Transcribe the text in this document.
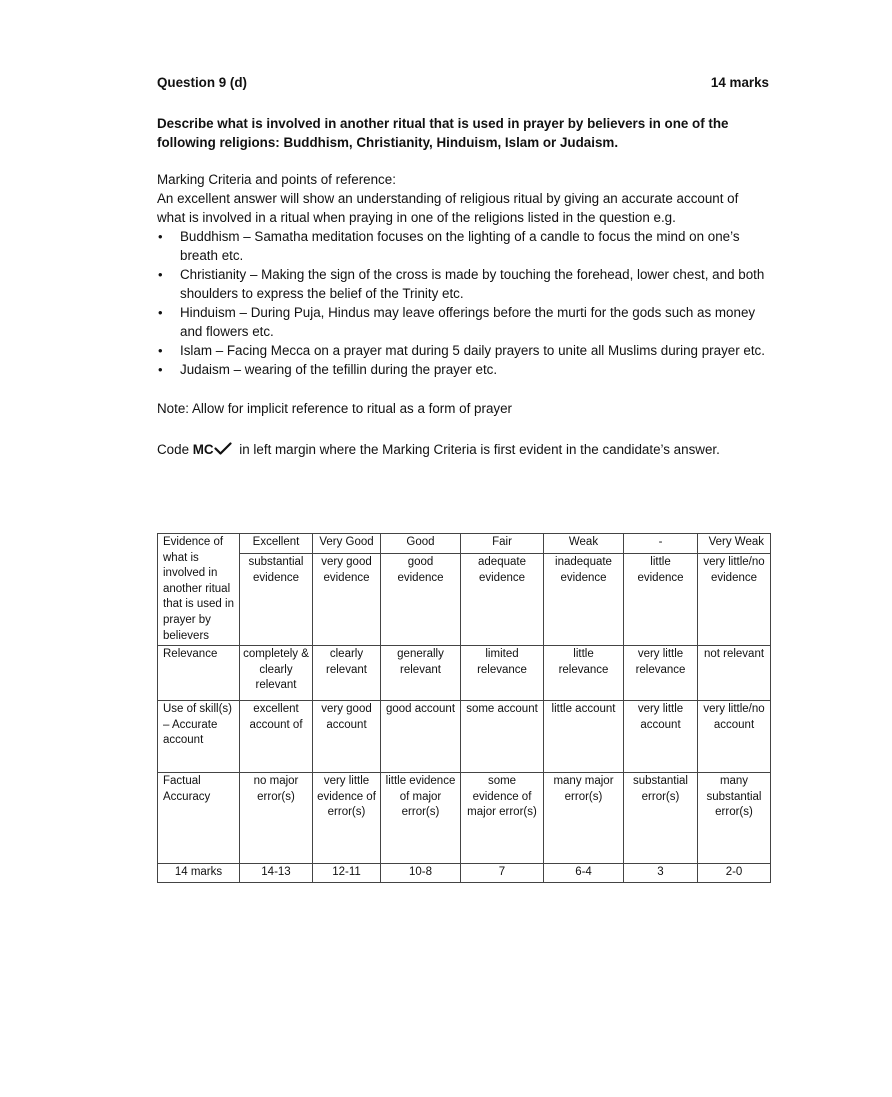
Question 9 (d)	14 marks
Describe what is involved in another ritual that is used in prayer by believers in one of the following religions: Buddhism, Christianity, Hinduism, Islam or Judaism.
Marking Criteria and points of reference:
An excellent answer will show an understanding of religious ritual by giving an accurate account of what is involved in a ritual when praying in one of the religions listed in the question e.g.
• Buddhism – Samatha meditation focuses on the lighting of a candle to focus the mind on one’s breath etc.
• Christianity – Making the sign of the cross is made by touching the forehead, lower chest, and both shoulders to express the belief of the Trinity etc.
• Hinduism – During Puja, Hindus may leave offerings before the murti for the gods such as money and flowers etc.
• Islam – Facing Mecca on a prayer mat during 5 daily prayers to unite all Muslims during prayer etc.
• Judaism – wearing of the tefillin during the prayer etc.
Note: Allow for implicit reference to ritual as a form of prayer
Code MC in left margin where the Marking Criteria is first evident in the candidate’s answer.
Evidence of what is involved in another ritual that is used in prayer by believers	Excellent	Very Good	Good	Fair	Weak	-	Very Weak
	substantial evidence	very good evidence	good evidence	adequate evidence	inadequate evidence	little evidence	very little/no evidence
Relevance	completely & clearly relevant	clearly relevant	generally relevant	limited relevance	little relevance	very little relevance	not relevant
Use of skill(s) – Accurate account	excellent account of	very good account	good account	some account	little account	very little account	very little/no account
Factual Accuracy	no major error(s)	very little evidence of error(s)	little evidence of major error(s)	some evidence of major error(s)	many major error(s)	substantial error(s)	many substantial error(s)
14 marks	14-13	12-11	10-8	7	6-4	3	2-0
